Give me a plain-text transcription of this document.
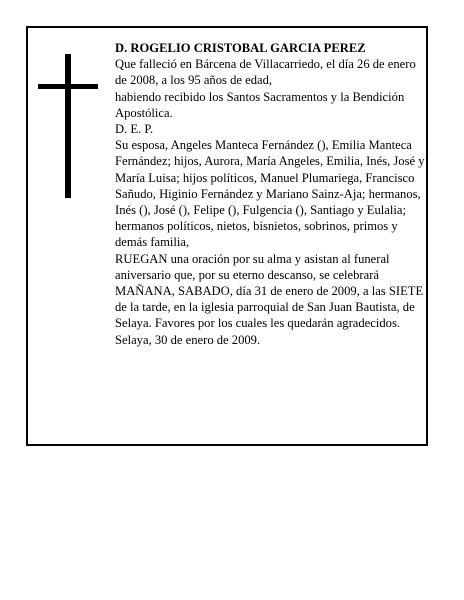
D. ROGELIO CRISTOBAL GARCIA PEREZ

Que falleció en Bárcena de Villacarriedo, el día 26 de enero de 2008, a los 95 años de edad,

habiendo recibido los Santos Sacramentos y la Bendición Apostólica.

D. E. P.

Su esposa, Angeles Manteca Fernández (), Emilia Manteca Fernández; hijos, Aurora, María Angeles, Emilia, Inés, José y María Luisa; hijos políticos, Manuel Plumariega, Francisco Sañudo, Higinio Fernández y Mariano Sainz-Aja; hermanos, Inés (), José (), Felipe (), Fulgencia (), Santiago y Eulalia; hermanos políticos, nietos, bisnietos, sobrinos, primos y demás familia,

RUEGAN una oración por su alma y asistan al funeral aniversario que, por su eterno descanso, se celebrará MAÑANA, SABADO, día 31 de enero de 2009, a las SIETE de la tarde, en la iglesia parroquial de San Juan Bautista, de Selaya. Favores por los cuales les quedarán agradecidos.

Selaya, 30 de enero de 2009.
